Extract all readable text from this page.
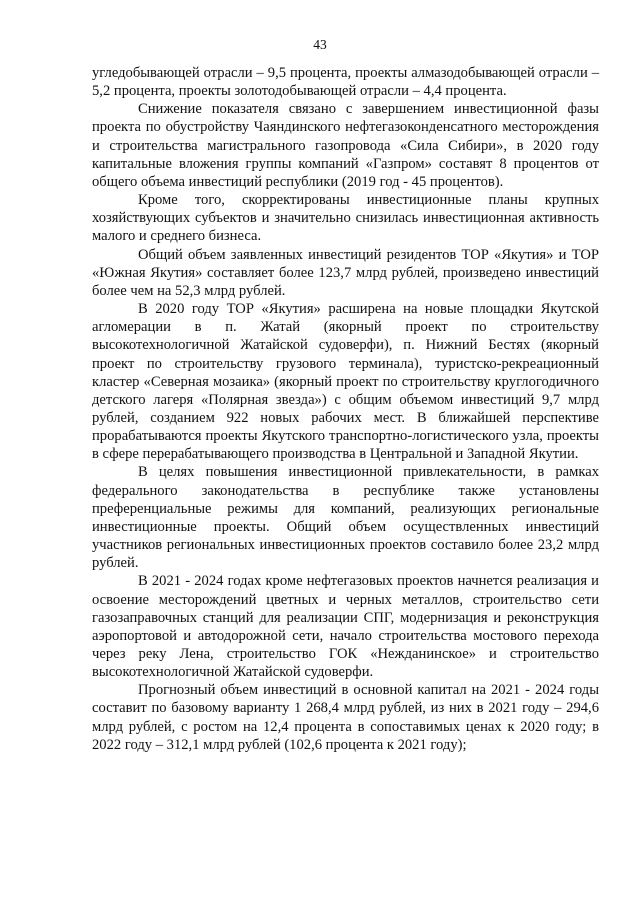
43

угледобывающей отрасли – 9,5 процента, проекты алмазодобывающей отрасли – 5,2 процента, проекты золотодобывающей отрасли – 4,4 процента.

Снижение показателя связано с завершением инвестиционной фазы проекта по обустройству Чаяндинского нефтегазоконденсатного месторождения и строительства магистрального газопровода «Сила Сибири», в 2020 году капитальные вложения группы компаний «Газпром» составят 8 процентов от общего объема инвестиций республики (2019 год - 45 процентов).

Кроме того, скорректированы инвестиционные планы крупных хозяйствующих субъектов и значительно снизилась инвестиционная активность малого и среднего бизнеса.

Общий объем заявленных инвестиций резидентов ТОР «Якутия» и ТОР «Южная Якутия» составляет более 123,7 млрд рублей, произведено инвестиций более чем на 52,3 млрд рублей.

В 2020 году ТОР «Якутия» расширена на новые площадки Якутской агломерации в п. Жатай (якорный проект по строительству высокотехнологичной Жатайской судоверфи), п. Нижний Бестях (якорный проект по строительству грузового терминала), туристско-рекреационный кластер «Северная мозаика» (якорный проект по строительству круглогодичного детского лагеря «Полярная звезда») с общим объемом инвестиций 9,7 млрд рублей, созданием 922 новых рабочих мест. В ближайшей перспективе прорабатываются проекты Якутского транспортно-логистического узла, проекты в сфере перерабатывающего производства в Центральной и Западной Якутии.

В целях повышения инвестиционной привлекательности, в рамках федерального законодательства в республике также установлены преференциальные режимы для компаний, реализующих региональные инвестиционные проекты. Общий объем осуществленных инвестиций участников региональных инвестиционных проектов составило более 23,2 млрд рублей.

В 2021 - 2024 годах кроме нефтегазовых проектов начнется реализация и освоение месторождений цветных и черных металлов, строительство сети газозаправочных станций для реализации СПГ, модернизация и реконструкция аэропортовой и автодорожной сети, начало строительства мостового перехода через реку Лена, строительство ГОК «Нежданинское» и строительство высокотехнологичной Жатайской судоверфи.

Прогнозный объем инвестиций в основной капитал на 2021 - 2024 годы составит по базовому варианту 1 268,4 млрд рублей, из них в 2021 году – 294,6 млрд рублей, с ростом на 12,4 процента в сопоставимых ценах к 2020 году; в 2022 году – 312,1 млрд рублей (102,6 процента к 2021 году);
